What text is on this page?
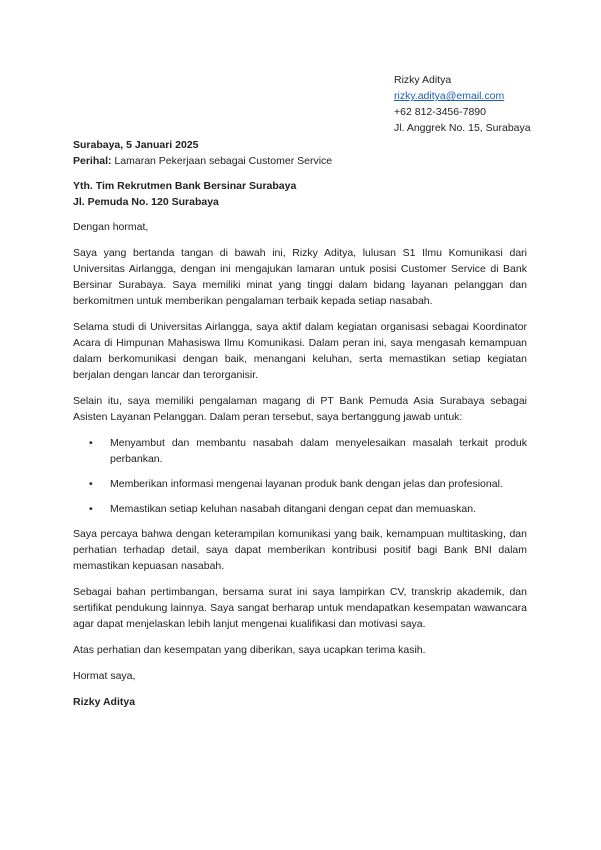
Rizky Aditya
rizky.aditya@email.com
+62 812-3456-7890
Jl. Anggrek No. 15, Surabaya

Surabaya, 5 Januari 2025

Perihal: Lamaran Pekerjaan sebagai Customer Service

Yth. Tim Rekrutmen Bank Bersinar Surabaya

Jl. Pemuda No. 120 Surabaya

Dengan hormat,

Saya yang bertanda tangan di bawah ini, Rizky Aditya, lulusan S1 Ilmu Komunikasi dari Universitas Airlangga, dengan ini mengajukan lamaran untuk posisi Customer Service di Bank Bersinar Surabaya. Saya memiliki minat yang tinggi dalam bidang layanan pelanggan dan berkomitmen untuk memberikan pengalaman terbaik kepada setiap nasabah.

Selama studi di Universitas Airlangga, saya aktif dalam kegiatan organisasi sebagai Koordinator Acara di Himpunan Mahasiswa Ilmu Komunikasi. Dalam peran ini, saya mengasah kemampuan dalam berkomunikasi dengan baik, menangani keluhan, serta memastikan setiap kegiatan berjalan dengan lancar dan terorganisir.

Selain itu, saya memiliki pengalaman magang di PT Bank Pemuda Asia Surabaya sebagai Asisten Layanan Pelanggan. Dalam peran tersebut, saya bertanggung jawab untuk:

• Menyambut dan membantu nasabah dalam menyelesaikan masalah terkait produk perbankan.
• Memberikan informasi mengenai layanan produk bank dengan jelas dan profesional.
• Memastikan setiap keluhan nasabah ditangani dengan cepat dan memuaskan.

Saya percaya bahwa dengan keterampilan komunikasi yang baik, kemampuan multitasking, dan perhatian terhadap detail, saya dapat memberikan kontribusi positif bagi Bank BNI dalam memastikan kepuasan nasabah.

Sebagai bahan pertimbangan, bersama surat ini saya lampirkan CV, transkrip akademik, dan sertifikat pendukung lainnya. Saya sangat berharap untuk mendapatkan kesempatan wawancara agar dapat menjelaskan lebih lanjut mengenai kualifikasi dan motivasi saya.

Atas perhatian dan kesempatan yang diberikan, saya ucapkan terima kasih.

Hormat saya,

Rizky Aditya
